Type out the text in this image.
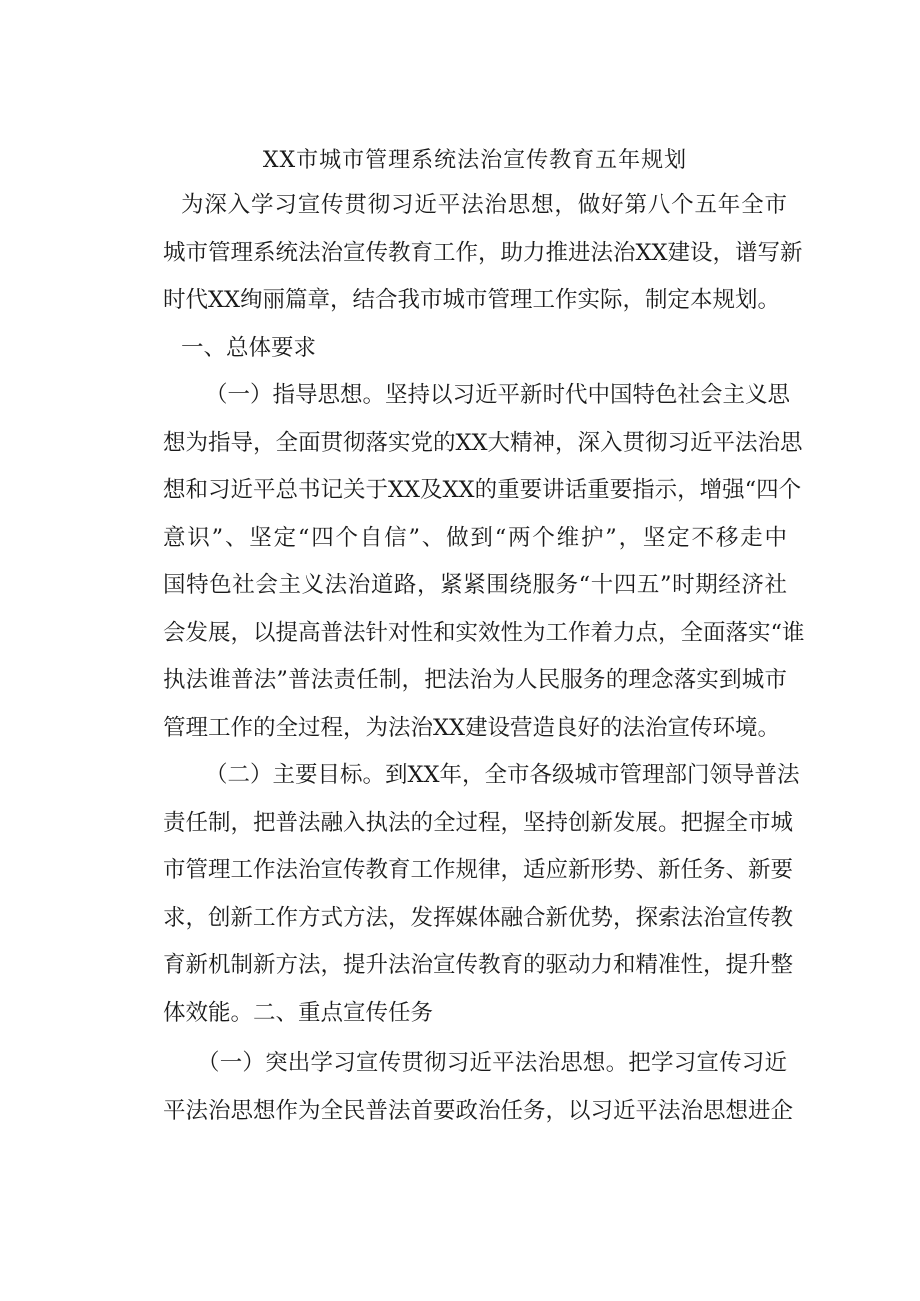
XX市城市管理系统法治宣传教育五年规划
为深入学习宣传贯彻习近平法治思想，做好第八个五年全市
城市管理系统法治宣传教育工作，助力推进法治XX建设，谱写新
时代XX绚丽篇章，结合我市城市管理工作实际，制定本规划。
一、总体要求
（一）指导思想。坚持以习近平新时代中国特色社会主义思
想为指导，全面贯彻落实党的XX大精神，深入贯彻习近平法治思
想和习近平总书记关于XX及XX的重要讲话重要指示，增强“四个
意识”、坚定“四个自信”、做到“两个维护”，坚定不移走中
国特色社会主义法治道路，紧紧围绕服务“十四五”时期经济社
会发展，以提高普法针对性和实效性为工作着力点，全面落实“谁
执法谁普法”普法责任制，把法治为人民服务的理念落实到城市
管理工作的全过程，为法治XX建设营造良好的法治宣传环境。
（二）主要目标。到XX年，全市各级城市管理部门领导普法
责任制，把普法融入执法的全过程，坚持创新发展。把握全市城
市管理工作法治宣传教育工作规律，适应新形势、新任务、新要
求，创新工作方式方法，发挥媒体融合新优势，探索法治宣传教
育新机制新方法，提升法治宣传教育的驱动力和精准性，提升整
体效能。二、重点宣传任务
（一）突出学习宣传贯彻习近平法治思想。把学习宣传习近
平法治思想作为全民普法首要政治任务，以习近平法治思想进企
